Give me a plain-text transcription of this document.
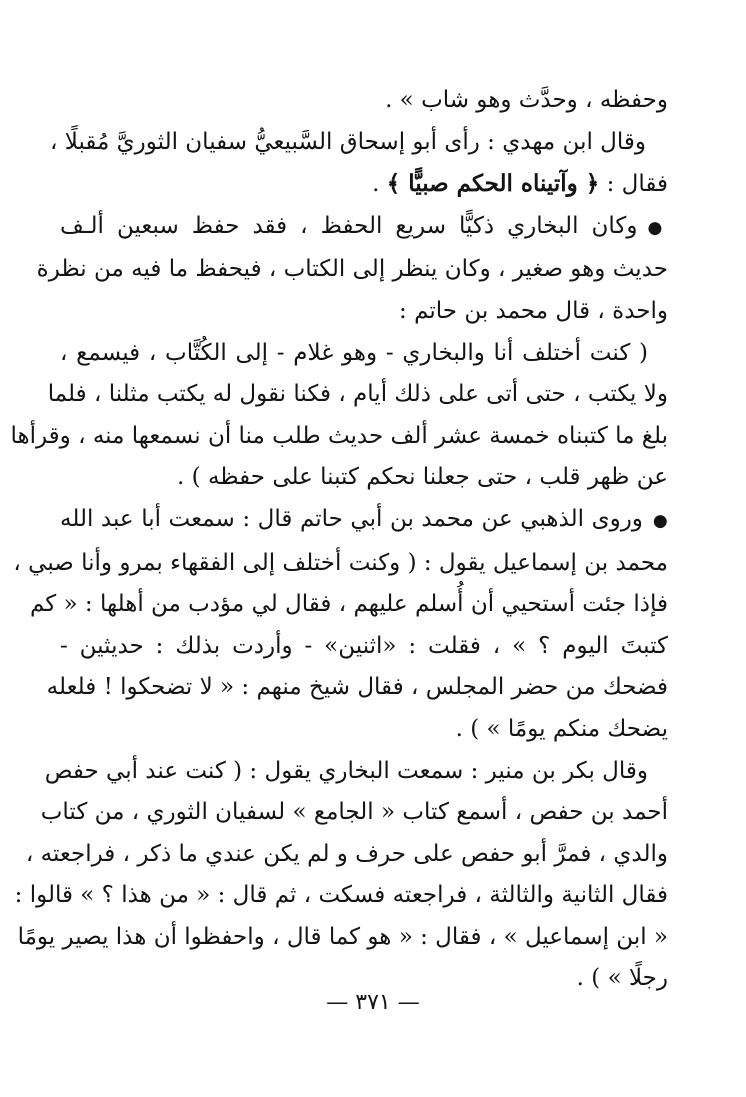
وحفظه ، وحدَّث وهو شاب » .
وقال ابن مهدي : رأى أبو إسحاق السَّبيعيُّ سفيان الثوريَّ مُقبلًا ،
فقال : ﴿ وآتيناه الحكم صبيًّا ﴾ .
●وكان البخاري ذكيًّا سريع الحفظ ، فقد حفظ سبعين ألـف
حديث وهو صغير ، وكان ينظر إلى الكتاب ، فيحفظ ما فيه من نظرة
واحدة ، قال محمد بن حاتم :
( كنت أختلف أنا والبخاري - وهو غلام - إلى الكُتَّاب ، فيسمع ،
ولا يكتب ، حتى أتى على ذلك أيام ، فكنا نقول له يكتب مثلنا ، فلما
بلغ ما كتبناه خمسة عشر ألف حديث طلب منا أن نسمعها منه ، وقرأها
عن ظهر قلب ، حتى جعلنا نحكم كتبنا على حفظه ) .
●وروى الذهبي عن محمد بن أبي حاتم قال : سمعت أبا عبد الله
محمد بن إسماعيل يقول : ( وكنت أختلف إلى الفقهاء بمرو وأنا صبي ،
فإذا جئت أستحيي أن أُسلم عليهم ، فقال لي مؤدب من أهلها : « كم
كتبتَ اليوم ؟ » ، فقلت : «اثنين» - وأردت بذلك : حديثين -
فضحك من حضر المجلس ، فقال شيخ منهم : « لا تضحكوا ! فلعله
يضحك منكم يومًا » ) .
وقال بكر بن منير : سمعت البخاري يقول : ( كنت عند أبي حفص
أحمد بن حفص ، أسمع كتاب « الجامع » لسفيان الثوري ، من كتاب
والدي ، فمرَّ أبو حفص على حرف و لم يكن عندي ما ذكر ، فراجعته ،
فقال الثانية والثالثة ، فراجعته فسكت ، ثم قال : « من هذا ؟ » قالوا :
« ابن إسماعيل » ، فقال : « هو كما قال ، واحفظوا أن هذا يصير يومًا
رجلًا » ) .
— ٣٧١ —
